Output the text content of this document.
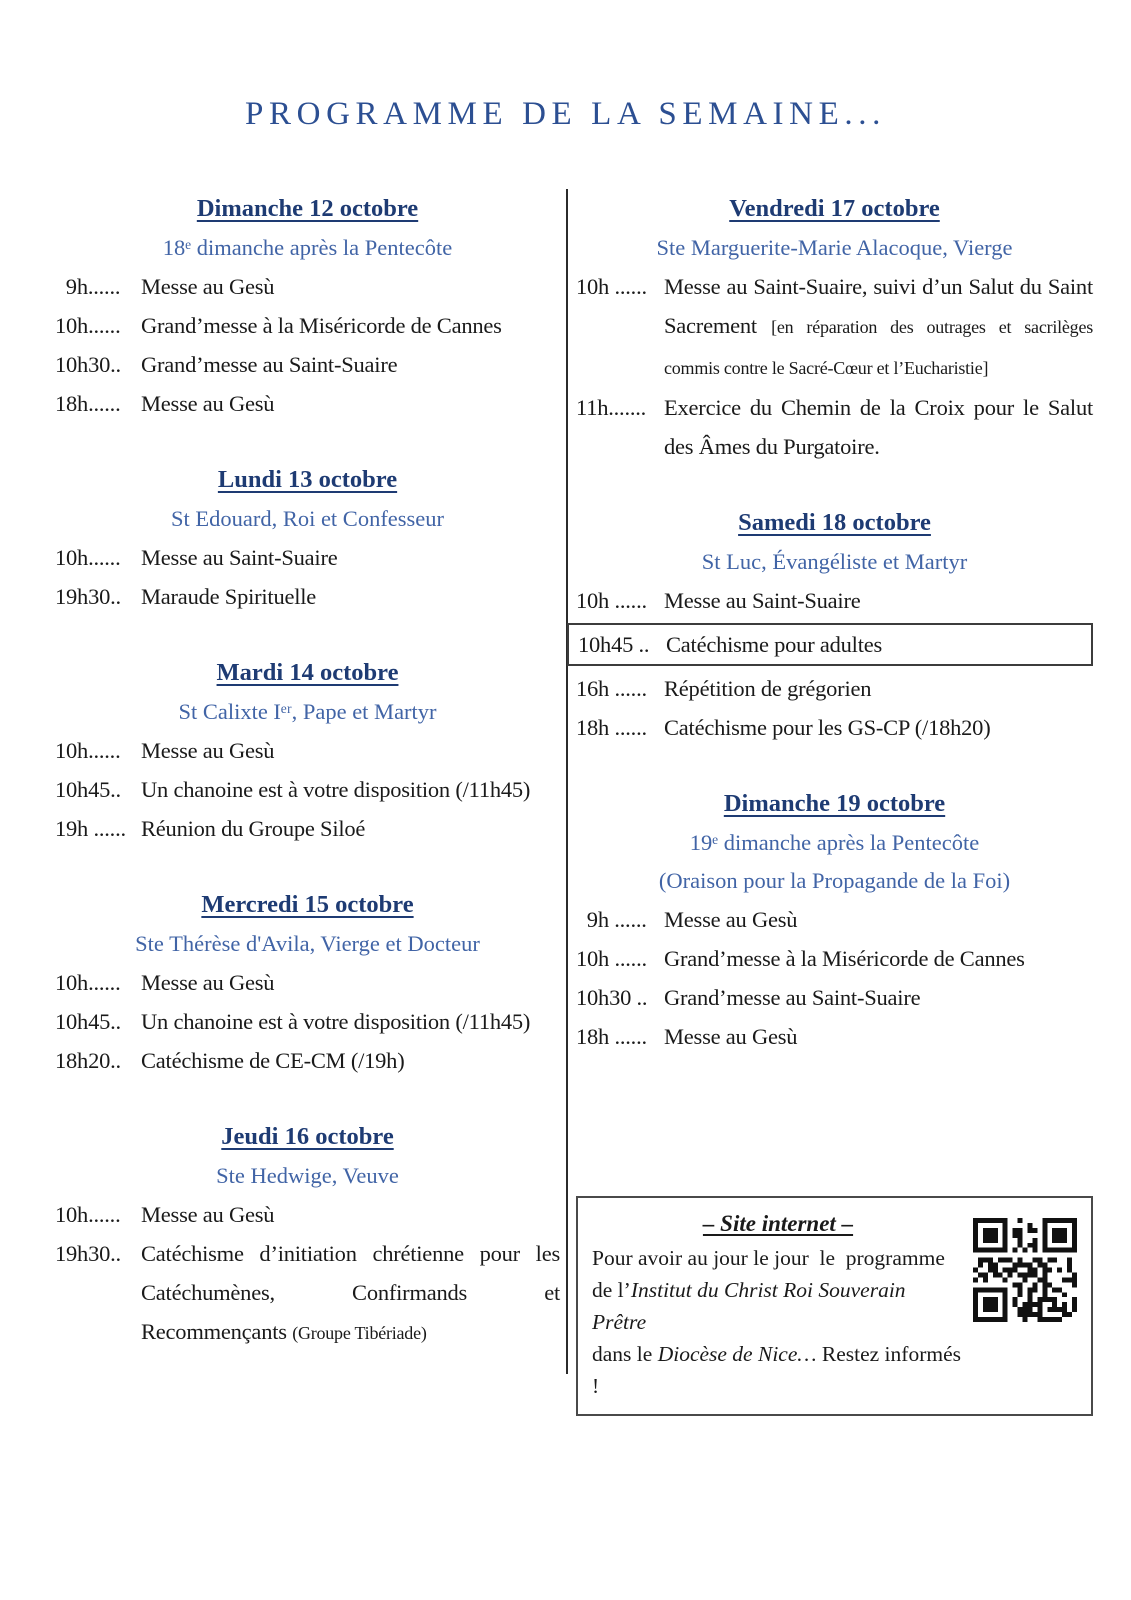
PROGRAMME DE LA SEMAINE...
Dimanche 12 octobre
18ᵉ dimanche après la Pentecôte
9h...... Messe au Gesù
10h...... Grand’messe à la Miséricorde de Cannes
10h30.. Grand’messe au Saint-Suaire
18h...... Messe au Gesù
Lundi 13 octobre
St Edouard, Roi et Confesseur
10h...... Messe au Saint-Suaire
19h30.. Maraude Spirituelle
Mardi 14 octobre
St Calixte Iᵉʳ, Pape et Martyr
10h...... Messe au Gesù
10h45.. Un chanoine est à votre disposition (/11h45)
19h ...... Réunion du Groupe Siloé
Mercredi 15 octobre
Ste Thérèse d'Avila, Vierge et Docteur
10h...... Messe au Gesù
10h45.. Un chanoine est à votre disposition (/11h45)
18h20.. Catéchisme de CE-CM (/19h)
Jeudi 16 octobre
Ste Hedwige, Veuve
10h...... Messe au Gesù
19h30.. Catéchisme d’initiation chrétienne pour les Catéchumènes, Confirmands et Recommençants (Groupe Tibériade)
Vendredi 17 octobre
Ste Marguerite-Marie Alacoque, Vierge
10h ...... Messe au Saint-Suaire, suivi d’un Salut du Saint Sacrement [en réparation des outrages et sacrilèges commis contre le Sacré-Cœur et l’Eucharistie]
11h....... Exercice du Chemin de la Croix pour le Salut des Âmes du Purgatoire.
Samedi 18 octobre
St Luc, Évangéliste et Martyr
10h ...... Messe au Saint-Suaire
10h45 .. Catéchisme pour adultes
16h ...... Répétition de grégorien
18h ...... Catéchisme pour les GS-CP (/18h20)
Dimanche 19 octobre
19ᵉ dimanche après la Pentecôte
(Oraison pour la Propagande de la Foi)
9h ...... Messe au Gesù
10h ...... Grand’messe à la Miséricorde de Cannes
10h30 .. Grand’messe au Saint-Suaire
18h ...... Messe au Gesù
– Site internet –
Pour avoir au jour le jour  le  programme
de l’Institut du Christ Roi Souverain Prêtre
dans le Diocèse de Nice… Restez informés !
